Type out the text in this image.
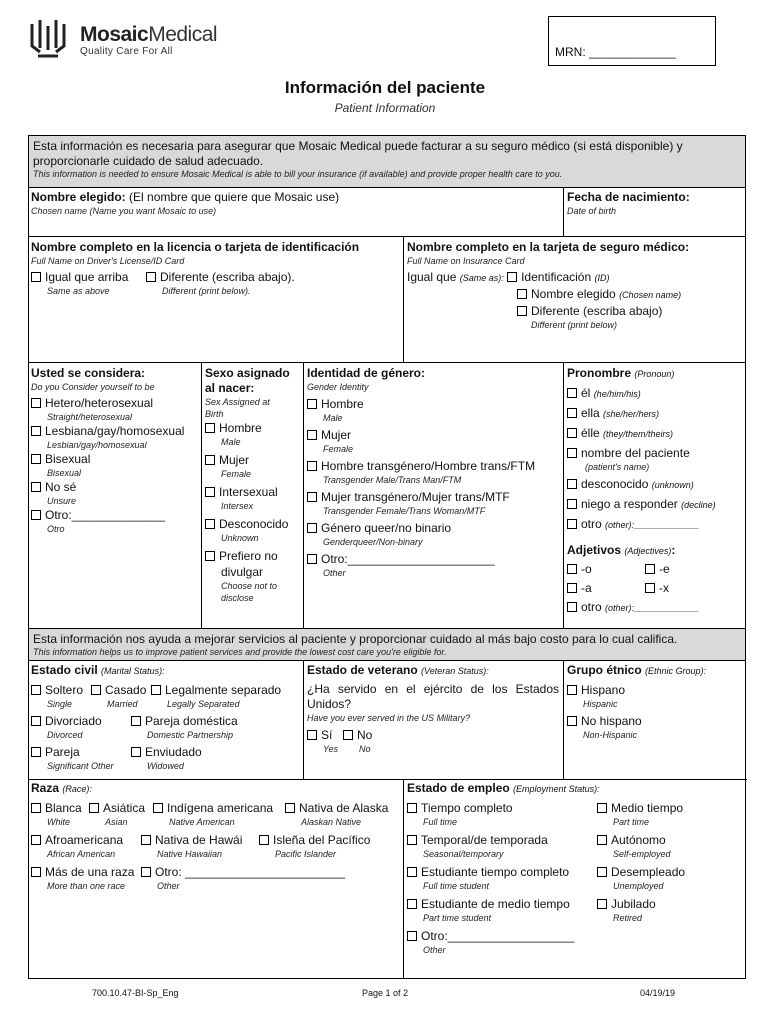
MosaicMedical
Quality Care For All	MRN: _____________
Información del paciente
Patient Information
Esta información es necesaria para asegurar que Mosaic Medical puede facturar a su seguro médico (si está disponible) y proporcionarle cuidado de salud adecuado.
This information is needed to ensure Mosaic Medical is able to bill your insurance (if available) and provide proper health care to you.
Nombre elegido: (El nombre que quiere que Mosaic use)
Chosen name (Name you want Mosaic to use)
Fecha de nacimiento:
Date of birth
Nombre completo en la licencia o tarjeta de identificación
Full Name on Driver's License/ID Card
Igual que arriba
Same as above
Diferente (escriba abajo).
Different (print below).
Nombre completo en la tarjeta de seguro médico:
Full Name on Insurance Card
Igual que (Same as): Identificación (ID)
Nombre elegido (Chosen name)
Diferente (escriba abajo)
Different (print below)
Usted se considera:
Do you Consider yourself to be
Hetero/heterosexual
Straight/heterosexual
Lesbiana/gay/homosexual
Lesbian/gay/homosexual
Bisexual
Bisexual
No sé
Unsure
Otro:______________
Otro
Sexo asignado
al nacer:
Sex Assigned at
Birth
Hombre
Male
Mujer
Female
Intersexual
Intersex
Desconocido
Unknown
Prefiero no
divulgar
Choose not to
disclose
Identidad de género:
Gender Identity
Hombre
Male
Mujer
Female
Hombre transgénero/Hombre trans/FTM
Transgender Male/Trans Man/FTM
Mujer transgénero/Mujer trans/MTF
Transgender Female/Trans Woman/MTF
Género queer/no binario
Genderqueer/Non-binary
Otro:______________________
Other
Pronombre (Pronoun)
él (he/him/his)
ella (she/her/hers)
élle (they/them/theirs)
nombre del paciente
(patient's name)
desconocido (unknown)
niego a responder (decline)
otro (other):_____________
Adjetivos (Adjectives):
-o	-e
-a	-x
otro (other):_____________
Esta información nos ayuda a mejorar servicios al paciente y proporcionar cuidado al más bajo costo para lo cual califica.
This information helps us to improve patient services and provide the lowest cost care you're eligible for.
Estado civil (Marital Status):
Soltero
Single
Casado
Married
Legalmente separado
Legally Separated
Divorciado
Divorced
Pareja doméstica
Domestic Partnership
Pareja
Significant Other
Enviudado
Widowed
Estado de veterano (Veteran Status):
¿Ha servido en el ejército de los Estados Unidos?
Have you ever served in the US Military?
Sí
Yes
No
No
Grupo étnico (Ethnic Group):
Hispano
Hispanic
No hispano
Non-Hispanic
Raza (Race):
Blanca
White
Asiática
Asian
Indígena americana
Native American
Nativa de Alaska
Alaskan Native
Afroamericana
African American
Nativa de Hawái
Native Hawaiian
Isleña del Pacífico
Pacific Islander
Más de una raza
More than one race
Otro: ________________________
Other
Estado de empleo (Employment Status):
Tiempo completo
Full time
Medio tiempo
Part time
Temporal/de temporada
Seasonal/temporary
Autónomo
Self-employed
Estudiante tiempo completo
Full time student
Desempleado
Unemployed
Estudiante de medio tiempo
Part time student
Jubilado
Retired
Otro:___________________
Other
700.10.47-BI-Sp_Eng	Page 1 of 2	04/19/19
